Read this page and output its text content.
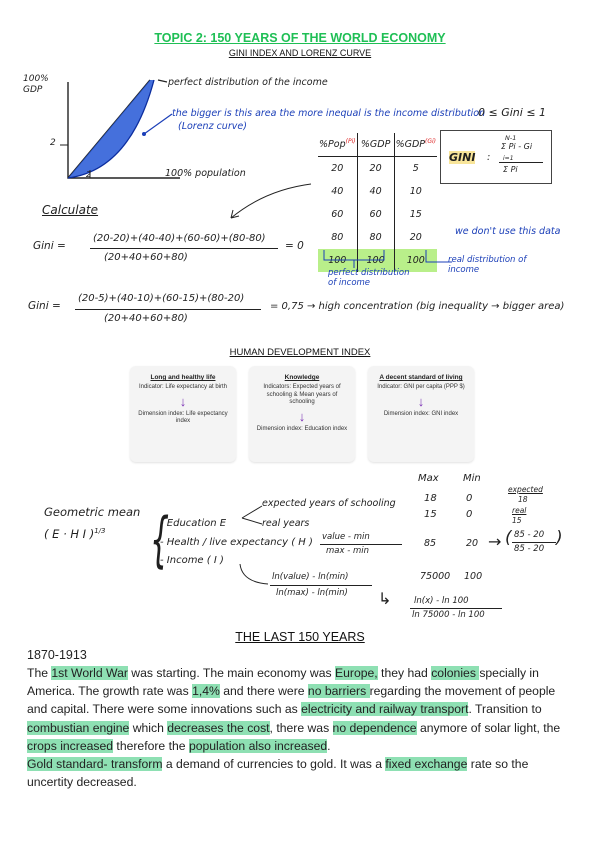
TOPIC 2: 150 YEARS OF THE WORLD ECONOMY
GINI INDEX AND LORENZ CURVE
100%
GDP
2
2	100% population
perfect distribution of the income
the bigger is this area the more inequal is the income distribution
(Lorenz curve)
0 ≤ Gini ≤ 1
%Pop$^{(Pi)}$	%GDP	$\%GDP^{(Gi)}$
20	20	5
40	40	10
60	60	15
80	80	20
100	100	100
we don't use this data
perfect distribution of income
real distribution of income
GINI :
N-1
Σ Pi - Gi
i=1
Σ Pi
Calculate
Gini =
(20-20)+(40-40)+(60-60)+(80-80)
(20+40+60+80)
= 0
Gini =
(20-5)+(40-10)+(60-15)+(80-20)
(20+40+60+80)
= 0,75 → high concentration (big inequality → bigger area)
HUMAN DEVELOPMENT INDEX
Long and healthy life

Indicator: Life expectancy at birth

↓

Dimension index: Life expectancy index

Knowledge

Indicators: Expected years of schooling & Mean years of schooling

↓

Dimension index: Education index

A decent standard of living

Indicator: GNI per capita (PPP $)

↓

Dimension index: GNI index

Geometric mean
( E · H I )$^{1/3}$ {
- Education E
- Health / live expectancy ( H )
- Income ( I )
expected years of schooling
real years
Max Min
18	0
15	0
expected
18
real
15
value - min
max - min
85	20 → ( 85 - 20
85 - 20
)
ln(value) - ln(min)
ln(max) - ln(min)
75000 100
↳	ln(x) - ln 100
ln 75000 - ln 100
THE LAST 150 YEARS
1870-1913
The 1st World War was starting. The main economy was Europe, they had colonies specially in America. The growth rate was 1,4% and there were no barriers regarding the movement of people and capital. There were some innovations such as electricity and railway transport. Transition to combustian engine which decreases the cost, there was no dependence anymore of solar light, the crops increased therefore the population also increased.
Gold standard- transform a demand of currencies to gold. It was a fixed exchange rate so the uncertity decreased.
